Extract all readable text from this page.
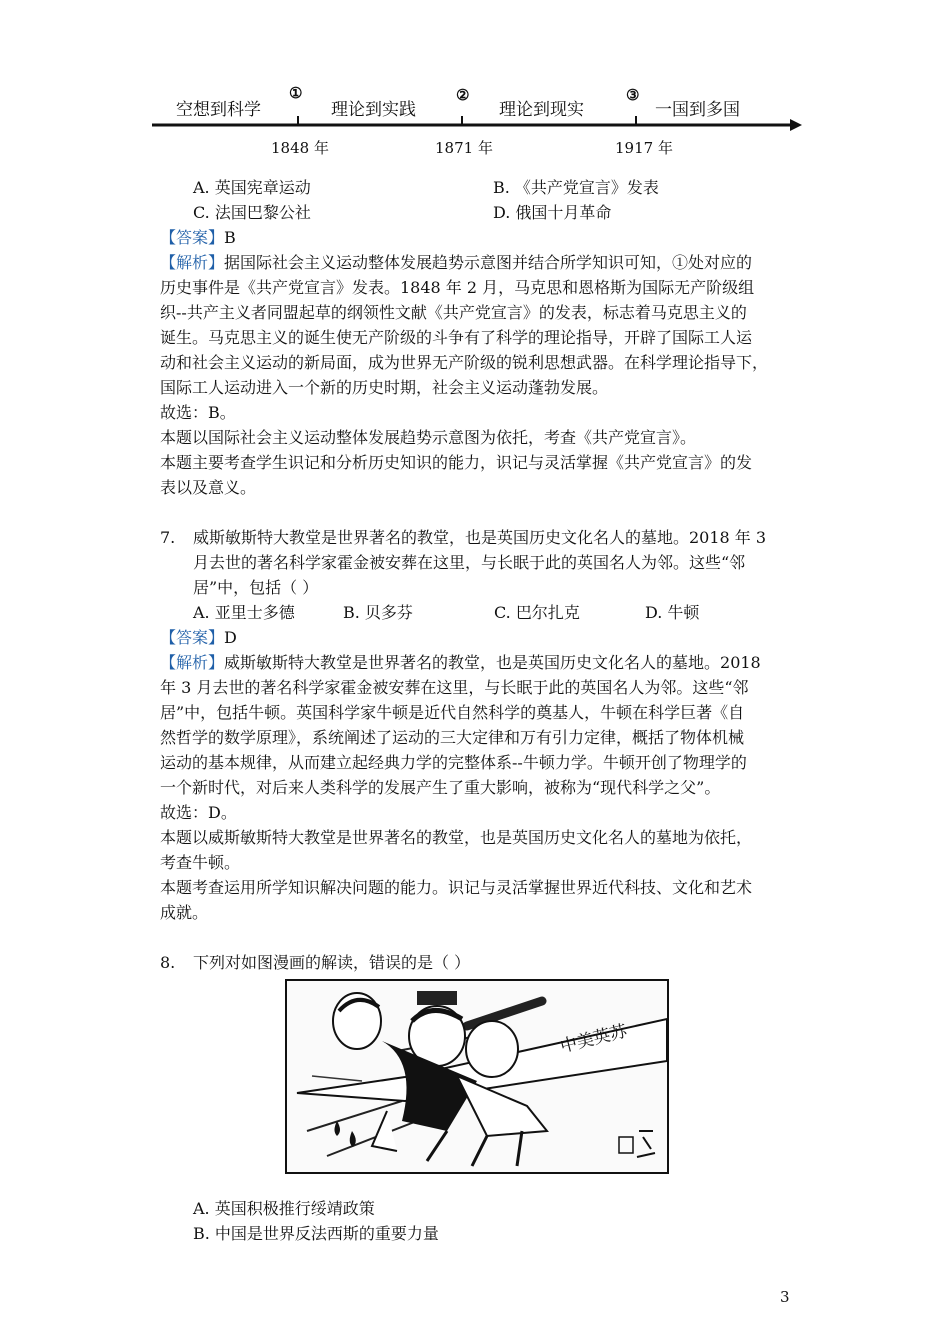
空想到科学	理论到实践	理论到现实	一国到多国
①	②	③
1848 年	1871 年	1917 年
A. 英国宪章运动	B. 《共产党宣言》发表
C. 法国巴黎公社	D. 俄国十月革命
【答案】B
【解析】据国际社会主义运动整体发展趋势示意图并结合所学知识可知，①处对应的
历史事件是《共产党宣言》发表。1848 年 2 月，马克思和恩格斯为国际无产阶级组
织--共产主义者同盟起草的纲领性文献《共产党宣言》的发表，标志着马克思主义的
诞生。马克思主义的诞生使无产阶级的斗争有了科学的理论指导，开辟了国际工人运
动和社会主义运动的新局面，成为世界无产阶级的锐利思想武器。在科学理论指导下，
国际工人运动进入一个新的历史时期，社会主义运动蓬勃发展。
故选：B。
本题以国际社会主义运动整体发展趋势示意图为依托，考查《共产党宣言》。
本题主要考查学生识记和分析历史知识的能力，识记与灵活掌握《共产党宣言》的发
表以及意义。
7. 威斯敏斯特大教堂是世界著名的教堂，也是英国历史文化名人的墓地。2018 年 3
月去世的著名科学家霍金被安葬在这里，与长眠于此的英国名人为邻。这些“邻
居”中，包括（ ）
A. 亚里士多德	B. 贝多芬	C. 巴尔扎克	D. 牛顿
【答案】D
【解析】威斯敏斯特大教堂是世界著名的教堂，也是英国历史文化名人的墓地。2018
年 3 月去世的著名科学家霍金被安葬在这里，与长眠于此的英国名人为邻。这些“邻
居”中，包括牛顿。英国科学家牛顿是近代自然科学的奠基人，牛顿在科学巨著《自
然哲学的数学原理》，系统阐述了运动的三大定律和万有引力定律，概括了物体机械
运动的基本规律，从而建立起经典力学的完整体系--牛顿力学。牛顿开创了物理学的
一个新时代，对后来人类科学的发展产生了重大影响，被称为“现代科学之父”。
故选：D。
本题以威斯敏斯特大教堂是世界著名的教堂，也是英国历史文化名人的墓地为依托，
考查牛顿。
本题考查运用所学知识解决问题的能力。识记与灵活掌握世界近代科技、文化和艺术
成就。
8. 下列对如图漫画的解读，错误的是（ ）
中美英苏
A. 英国积极推行绥靖政策
B. 中国是世界反法西斯的重要力量
3
